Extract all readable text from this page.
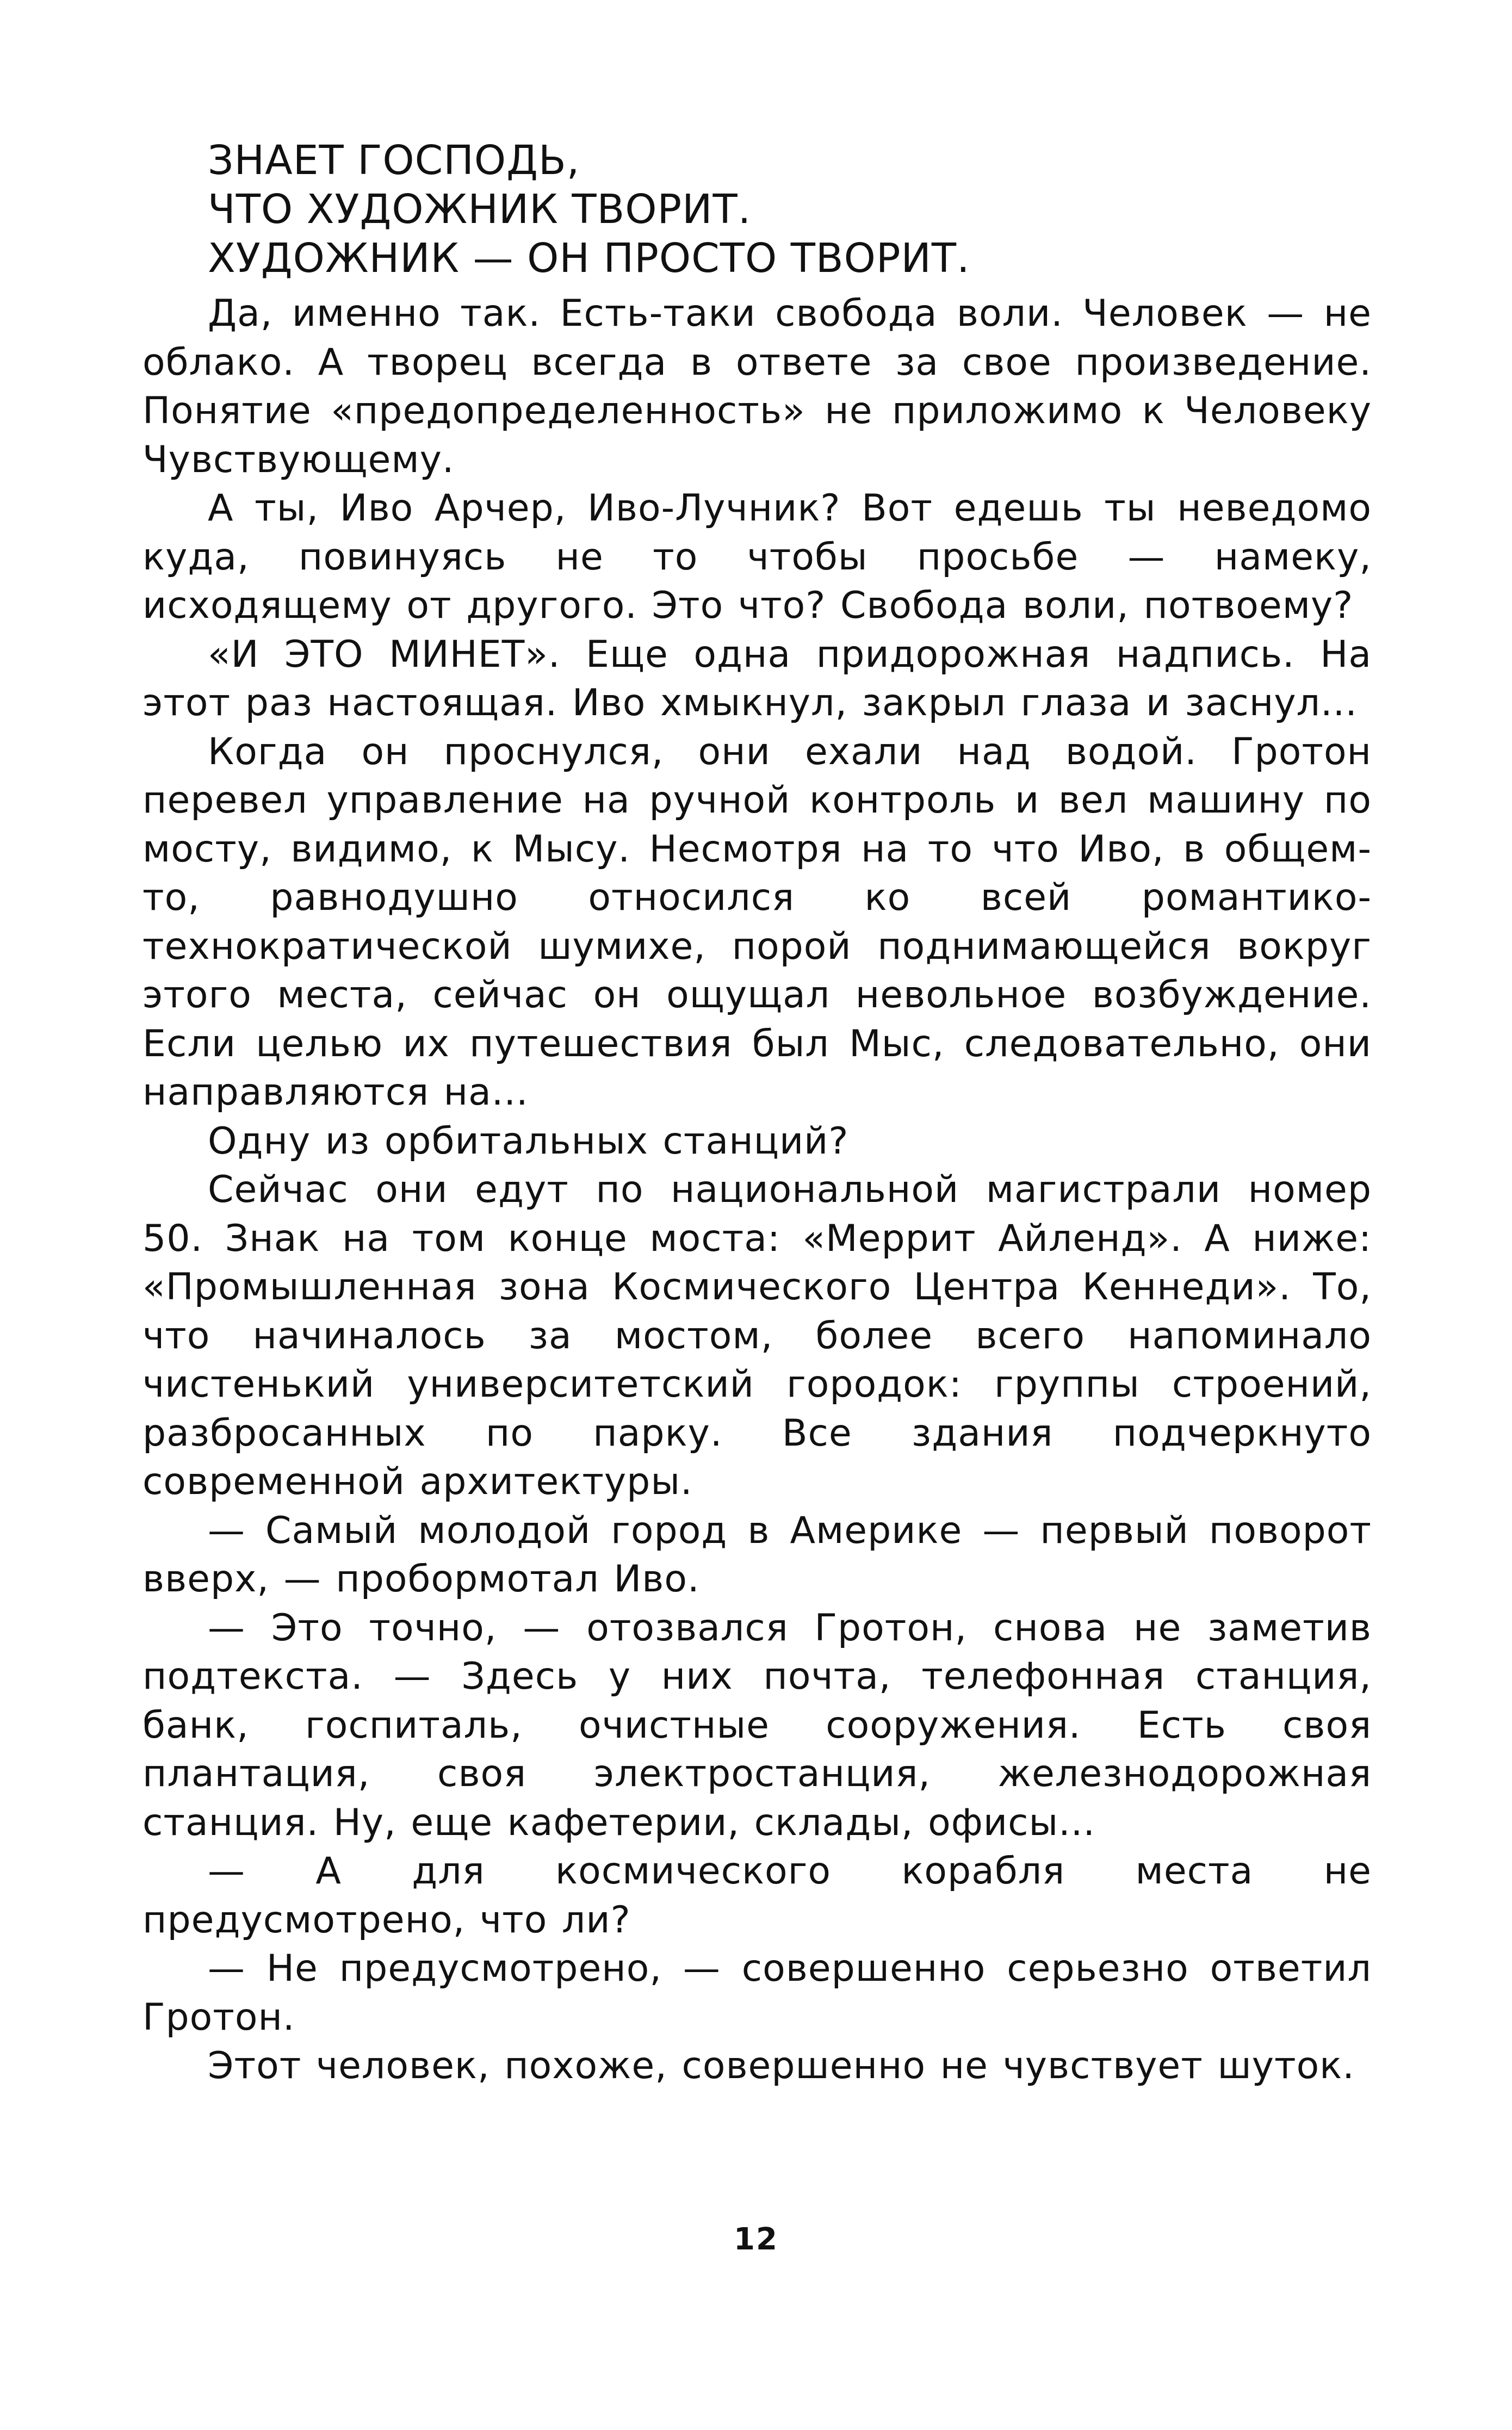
ЗНАЕТ ГОСПОДЬ,
ЧТО ХУДОЖНИК ТВОРИТ.
ХУДОЖНИК — ОН ПРОСТО ТВОРИТ.

Да, именно так. Есть-таки свобода воли. Человек — не облако. А творец всегда в ответе за свое произведение. Понятие «предопределенность» не приложимо к Человеку Чувствующему.

А ты, Иво Арчер, Иво-Лучник? Вот едешь ты неведомо куда, повинуясь не то чтобы просьбе — намеку, исходящему от другого. Это что? Свобода воли, потвоему?

«И ЭТО МИНЕТ». Еще одна придорожная надпись. На этот раз настоящая. Иво хмыкнул, закрыл глаза и заснул...

Когда он проснулся, они ехали над водой. Гротон перевел управление на ручной контроль и вел машину по мосту, видимо, к Мысу. Несмотря на то что Иво, в общем-то, равнодушно относился ко всей романтико-технократической шумихе, порой поднимающейся вокруг этого места, сейчас он ощущал невольное возбуждение. Если целью их путешествия был Мыс, следовательно, они направляются на...

Одну из орбитальных станций?

Сейчас они едут по национальной магистрали номер 50. Знак на том конце моста: «Меррит Айленд». А ниже: «Промышленная зона Космического Центра Кеннеди». То, что начиналось за мостом, более всего напоминало чистенький университетский городок: группы строений, разбросанных по парку. Все здания подчеркнуто современной архитектуры.

— Самый молодой город в Америке — первый поворот вверх, — пробормотал Иво.

— Это точно, — отозвался Гротон, снова не заметив подтекста. — Здесь у них почта, телефонная станция, банк, госпиталь, очистные сооружения. Есть своя плантация, своя электростанция, железнодорожная станция. Ну, еще кафетерии, склады, офисы...

— А для космического корабля места не предусмотрено, что ли?

— Не предусмотрено, — совершенно серьезно ответил Гротон.

Этот человек, похоже, совершенно не чувствует шуток.

12
